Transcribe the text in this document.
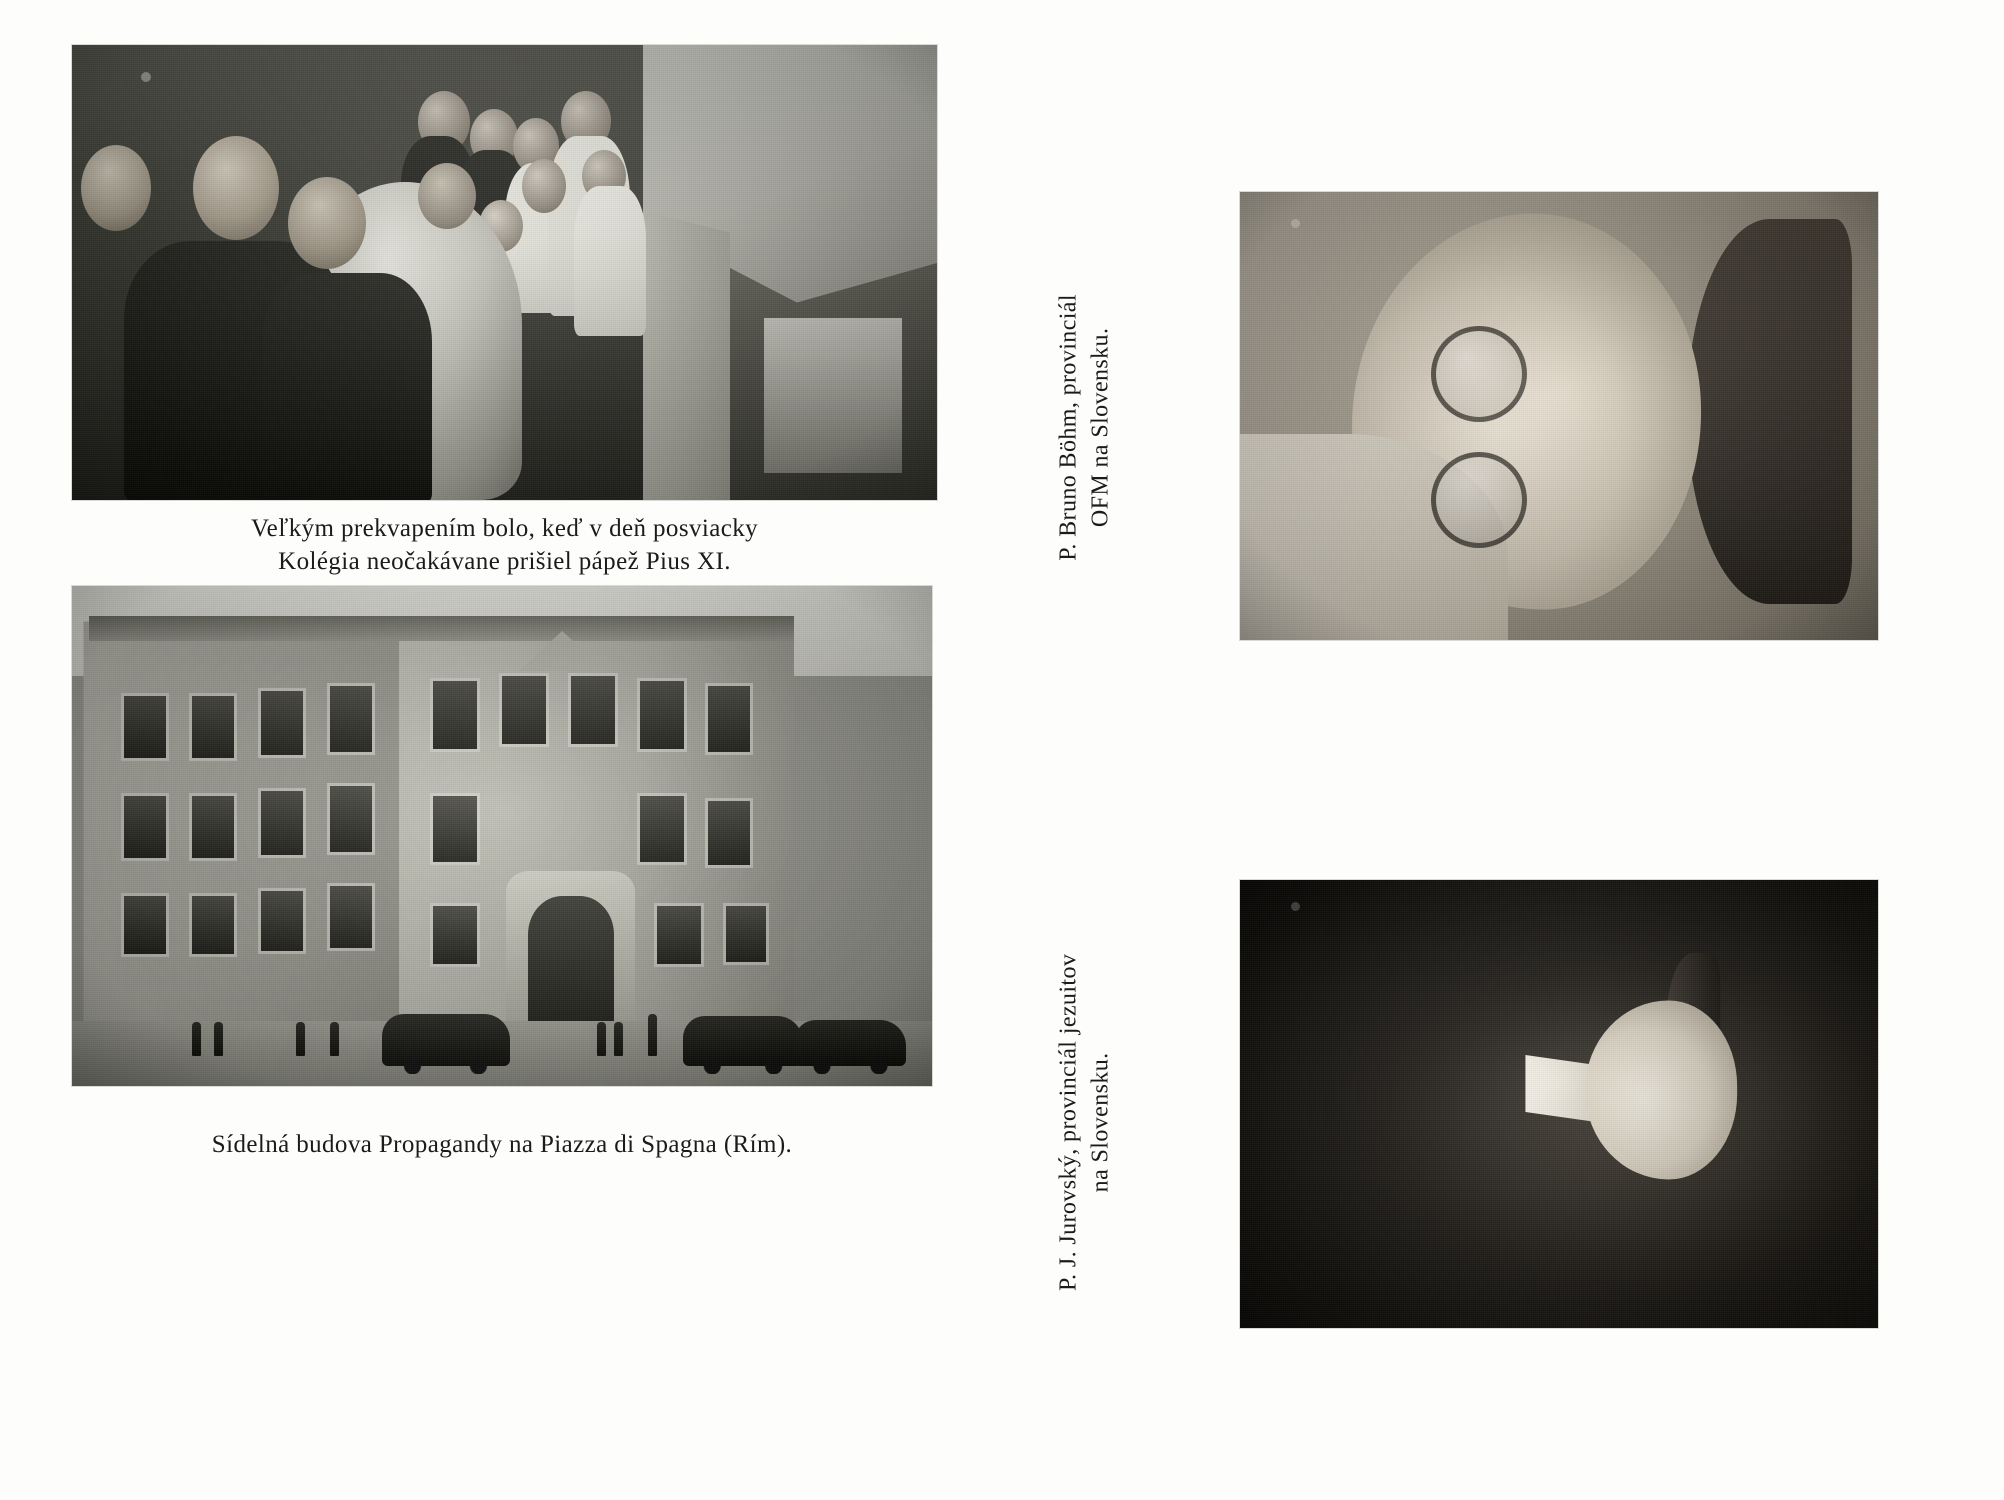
Veľkým prekvapením bolo, keď v deň posviacky
Kolégia neočakávane prišiel pápež Pius XI.
Sídelná budova Propagandy na Piazza di Spagna (Rím).
P. Bruno Böhm, provinciál OFM na Slovensku.
P. J. Jurovský, provinciál jezuitov na Slovensku.
